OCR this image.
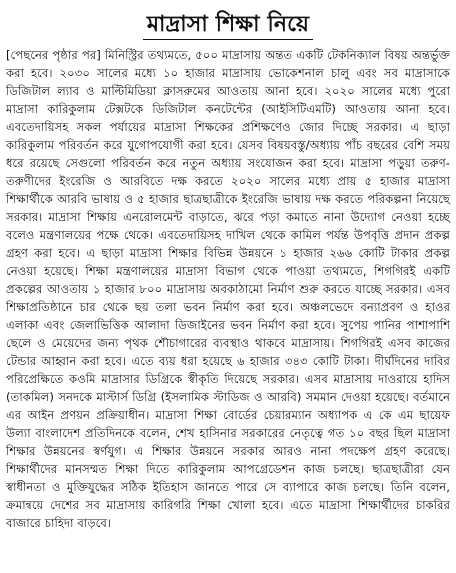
মাদ্রাসা শিক্ষা নিয়ে

[পেছনের পৃষ্ঠার পর] মিনিস্ট্রির তথ্যমতে, ৫০০ মাদ্রাসায় অন্তত একটি টেকনিক্যাল বিষয় অন্তর্ভুক্ত করা হবে। ২০৩০ সালের মধ্যে ১০ হাজার মাদ্রাসায় ভোকেশনাল চালু এবং সব মাদ্রাসাকে ডিজিটাল ল্যাব ও মাল্টিমিডিয়া ক্লাসরুমের আওতায় আনা হবে। ২০২০ সালের মধ্যে পুরো মাদ্রাসা কারিকুলাম টেক্সটকে ডিজিটাল কনটেন্টের (আইসিটিএমটি) আওতায় আনা হবে। এবতেদায়িসহ সকল পর্যায়ের মাদ্রাসা শিক্ষকের প্রশিক্ষণেও জোর দিচ্ছে সরকার। এ ছাড়া কারিকুলাম পরিবর্তন করে যুগোপযোগী করা হবে। যেসব বিষয়বস্তু/অধ্যায় পাঁচ বছরের বেশি সময় ধরে রয়েছে সেগুলো পরিবর্তন করে নতুন অধ্যায় সংযোজন করা হবে। মাদ্রাসা পড়ুয়া তরুণ-তরুণীদের ইংরেজি ও আরবিতে দক্ষ করতে ২০২০ সালের মধ্যে প্রায় ৫ হাজার মাদ্রাসা শিক্ষার্থীকে আরবি ভাষায় ও ৫ হাজার ছাত্রছাত্রীকে ইংরেজি ভাষায় দক্ষ করতে পরিকল্পনা নিয়েছে সরকার। মাদ্রাসা শিক্ষায় এনরোলমেন্ট বাড়াতে, ঝরে পড়া কমাতে নানা উদ্যোগ নেওয়া হচ্ছে বলেও মন্ত্রণালয়ের পক্ষে থেকে। এবতেদায়িসহ দাখিল থেকে কামিল পর্যন্ত উপবৃত্তি প্রদান প্রকল্প গ্রহণ করা হবে। এ ছাড়া মাদ্রাসা শিক্ষার বিভিন্ন উন্নয়নে ১ হাজার ২৬৬ কোটি টাকার প্রকল্প নেওয়া হয়েছে। শিক্ষা মন্ত্রণালয়ের মাদ্রাসা বিভাগ থেকে পাওয়া তথ্যমতে, শিগগিরই একটি প্রকল্পের আওতায় ১ হাজার ৮০০ মাদ্রাসায় অবকাঠামো নির্মাণ শুরু করতে যাচ্ছে সরকার। এসব শিক্ষাপ্রতিষ্ঠানে চার থেকে ছয় তলা ভবন নির্মাণ করা হবে। অঞ্চলভেদে বন্যাপ্রবণ ও হাওর এলাকা এবং জেলাভিত্তিক আলাদা ডিজাইনের ভবন নির্মাণ করা হবে। সুপেয় পানির পাশাপাশি ছেলে ও মেয়েদের জন্য পৃথক শৌচাগারের ব্যবস্থাও থাকবে মাদ্রাসায়। শিগগিরই এসব কাজের টেন্ডার আহ্বান করা হবে। এতে ব্যয় ধরা হয়েছে ৬ হাজার ৩৪৩ কোটি টাকা। দীর্ঘদিনের দাবির পরিপ্রেক্ষিতে কওমি মাদ্রাসার ডিগ্রিকে স্বীকৃতি দিয়েছে সরকার। এসব মাদ্রাসায় দাওরায়ে হাদিস (তাকমিল) সনদকে মাস্টার্স ডিগ্রি (ইসলামিক স্টাডিজ ও আরবি) সমমান দেওয়া হয়েছে। বর্তমানে এর আইন প্রণয়ন প্রক্রিয়াধীন। মাদ্রাসা শিক্ষা বোর্ডের চেয়ারম্যান অধ্যাপক এ কে এম ছায়েফ উল্যা বাংলাদেশ প্রতিদিনকে বলেন, শেখ হাসিনার সরকারের নেতৃত্বে গত ১০ বছর ছিল মাদ্রাসা শিক্ষার উন্নয়নের স্বর্ণযুগ। এ শিক্ষার উন্নয়নে সরকার আরও নানা পদক্ষেপ গ্রহণ করেছে। শিক্ষার্থীদের মানসম্মত শিক্ষা দিতে কারিকুলাম আপগ্রেডেশন কাজ চলছে। ছাত্রছাত্রীরা যেন স্বাধীনতা ও মুক্তিযুদ্ধের সঠিক ইতিহাস জানতে পারে সে ব্যাপারে কাজ চলছে। তিনি বলেন, ক্রমান্বয়ে দেশের সব মাদ্রাসায় কারিগরি শিক্ষা খোলা হবে। এতে মাদ্রাসা শিক্ষার্থীদের চাকরির বাজারে চাহিদা বাড়বে।
